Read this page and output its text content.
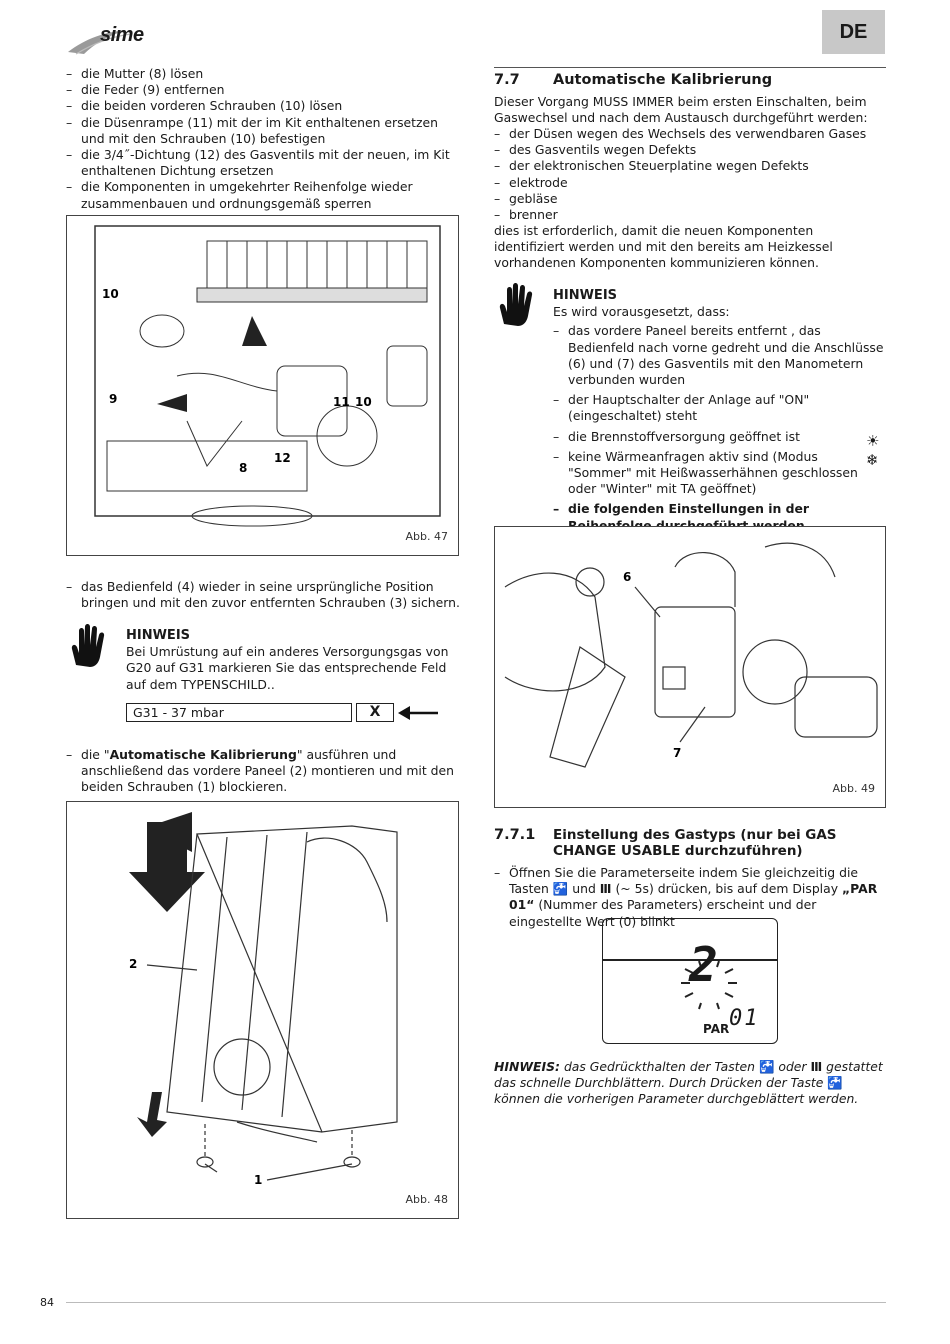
sime	DE
– die Mutter (8) lösen
– die Feder (9) entfernen
– die beiden vorderen Schrauben (10) lösen
– die Düsenrampe (11) mit der im Kit enthaltenen ersetzen und mit den Schrauben (10) befestigen
– die 3/4˝-Dichtung (12) des Gasventils mit der neuen, im Kit enthaltenen Dichtung ersetzen
– die Komponenten in umgekehrter Reihenfolge wieder zusammenbauen und ordnungsgemäß sperren
10
9
8
12
11 10
Abb. 47
– das Bedienfeld (4) wieder in seine ursprüngliche Position bringen und mit den zuvor entfernten Schrauben (3) sichern.
HINWEIS
Bei Umrüstung auf ein anderes Versorgungsgas von G20 auf G31 markieren Sie das entsprechende Feld auf dem TYPENSCHILD..
G31 - 37 mbar	X
– die "Automatische Kalibrierung" ausführen und anschließend das vordere Paneel (2) montieren und mit den beiden Schrauben (1) blockieren.
2
1
Abb. 48
7.7 Automatische Kalibrierung
Dieser Vorgang MUSS IMMER beim ersten Einschalten, beim Gaswechsel und nach dem Austausch durchgeführt werden:
– der Düsen wegen des Wechsels des verwendbaren Gases
– des Gasventils wegen Defekts
– der elektronischen Steuerplatine wegen Defekts
– elektrode
– gebläse
– brenner
dies ist erforderlich, damit die neuen Komponenten identifiziert werden und mit den bereits am Heizkessel vorhandenen Komponenten kommunizieren können.
HINWEIS
Es wird vorausgesetzt, dass:
– das vordere Paneel bereits entfernt , das Bedienfeld nach vorne gedreht und die Anschlüsse (6) und (7) des Gasventils mit den Manometern verbunden wurden
– der Hauptschalter der Anlage auf "ON" (eingeschaltet) steht
– die Brennstoffversorgung geöffnet ist
– keine Wärmeanfragen aktiv sind (Modus "Sommer" mit Heißwasserhähnen geschlossen oder "Winter" mit TA geöffnet)
– die folgenden Einstellungen in der
☀
❄
6
7
Abb. 49
7.7.1 Einstellung des Gastyps (nur bei GAS CHANGE USABLE durchzuführen)
– Öffnen Sie die Parameterseite indem Sie gleichzeitig die Tasten 🚰 und Ⅲ (~ 5s) drücken, bis auf dem Display „PAR 01“ (Nummer des Parameters) erscheint und der eingestellte Wert (0) blinkt
2
PAR 01
HINWEIS: das Gedrückthalten der Tasten 🚰 oder Ⅲ gestattet das schnelle Durchblättern. Durch Drücken der Taste 🚰 können die vorherigen Parameter durchgeblättert werden.
84
